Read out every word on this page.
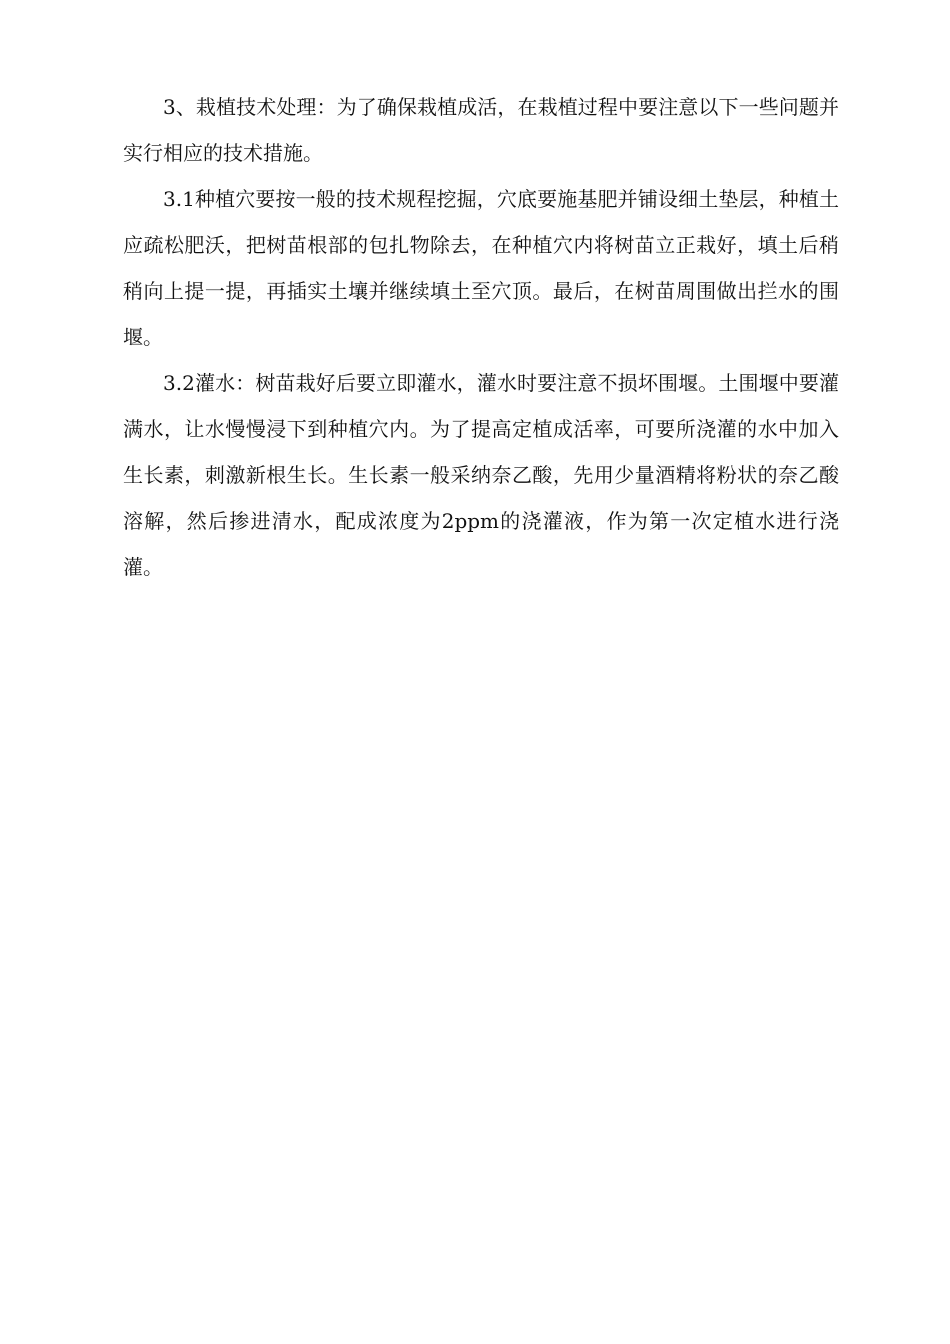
3、栽植技术处理：为了确保栽植成活，在栽植过程中要注意以下一些问题并实行相应的技术措施。

3.1种植穴要按一般的技术规程挖掘，穴底要施基肥并铺设细土垫层，种植土应疏松肥沃，把树苗根部的包扎物除去，在种植穴内将树苗立正栽好，填土后稍稍向上提一提，再插实土壤并继续填土至穴顶。最后，在树苗周围做出拦水的围堰。

3.2灌水：树苗栽好后要立即灌水，灌水时要注意不损坏围堰。土围堰中要灌满水，让水慢慢浸下到种植穴内。为了提高定植成活率，可要所浇灌的水中加入生长素，刺激新根生长。生长素一般采纳奈乙酸，先用少量酒精将粉状的奈乙酸溶解，然后掺进清水，配成浓度为2ppm的浇灌液，作为第一次定植水进行浇灌。
